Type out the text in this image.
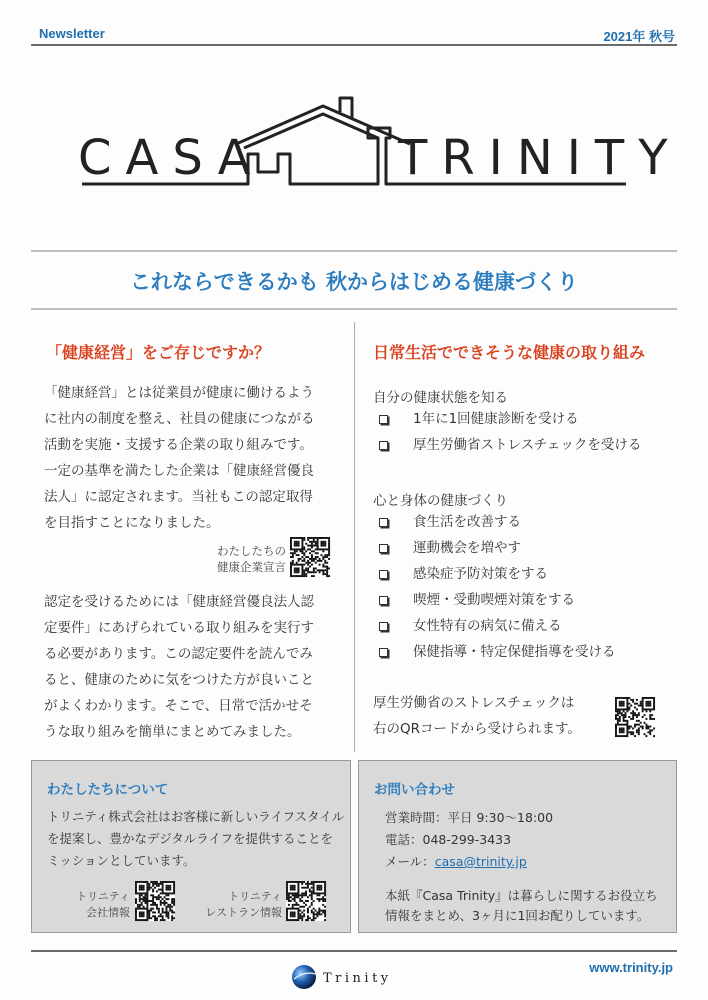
Newsletter	2021年 秋号
CASA	TRINITY
これならできるかも 秋からはじめる健康づくり
「健康経営」をご存じですか？
「健康経営」とは従業員が健康に働けるよう
に社内の制度を整え、社員の健康につながる
活動を実施・支援する企業の取り組みです。
一定の基準を満たした企業は「健康経営優良
法人」に認定されます。当社もこの認定取得
を目指すことになりました。
わたしたちの
健康企業宣言
認定を受けるためには「健康経営優良法人認
定要件」にあげられている取り組みを実行す
る必要があります。この認定要件を読んでみ
ると、健康のために気をつけた方が良いこと
がよくわかります。そこで、日常で活かせそ
うな取り組みを簡単にまとめてみました。
日常生活でできそうな健康の取り組み
自分の健康状態を知る
1年に1回健康診断を受ける
厚生労働省ストレスチェックを受ける
心と身体の健康づくり
食生活を改善する
運動機会を増やす
感染症予防対策をする
喫煙・受動喫煙対策をする
女性特有の病気に備える
保健指導・特定保健指導を受ける
厚生労働省のストレスチェックは
右のQRコードから受けられます。
わたしたちについて
トリニティ株式会社はお客様に新しいライフスタイル
を提案し、豊かなデジタルライフを提供することを
ミッションとしています。
トリニティ
会社情報
トリニティ
レストラン情報
お問い合わせ
営業時間：平日 9:30～18:00
電話：048-299-3433
メール：casa@trinity.jp
本紙『Casa Trinity』は暮らしに関するお役立ち
情報をまとめ、3ヶ月に1回お配りしています。
Trinity
www.trinity.jp
